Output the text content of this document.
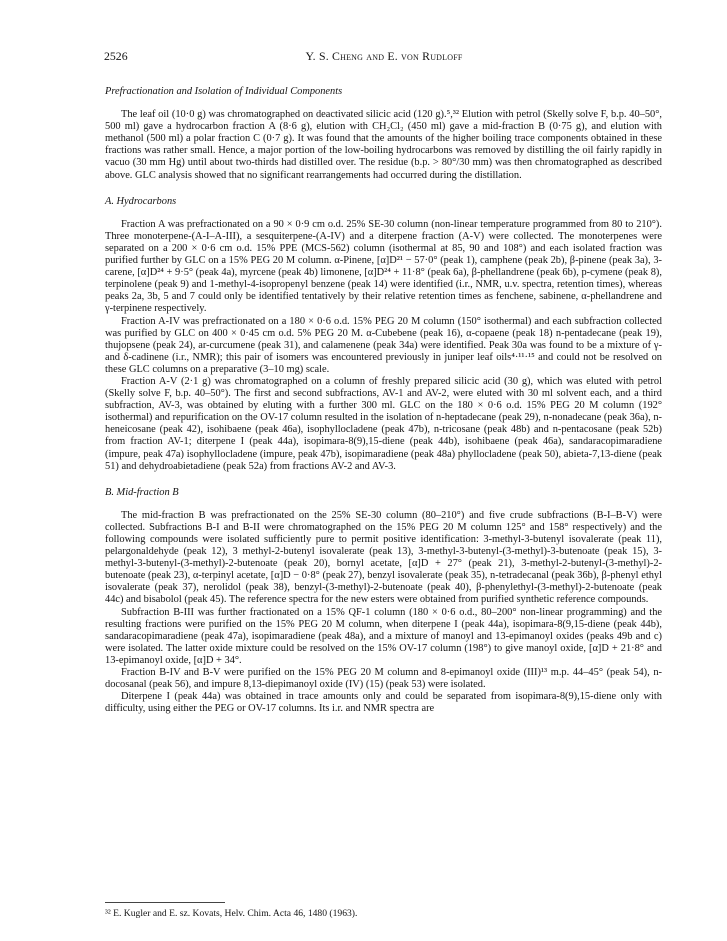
2526	Y. S. Cheng and E. von Rudloff
Prefractionation and Isolation of Individual Components

The leaf oil (10·0 g) was chromatographed on deactivated silicic acid (120 g).⁵,³² Elution with petrol (Skelly solve F, b.p. 40–50°, 500 ml) gave a hydrocarbon fraction A (8·6 g), elution with CH₂Cl₂ (450 ml) gave a mid-fraction B (0·75 g), and elution with methanol (500 ml) a polar fraction C (0·7 g). It was found that the amounts of the higher boiling trace components obtained in these fractions was rather small. Hence, a major portion of the low-boiling hydrocarbons was removed by distilling the oil fairly rapidly in vacuo (30 mm Hg) until about two-thirds had distilled over. The residue (b.p. > 80°/30 mm) was then chromatographed as described above. GLC analysis showed that no significant rearrangements had occurred during the distillation.

A. Hydrocarbons

Fraction A was prefractionated on a 90 × 0·9 cm o.d. 25% SE-30 column (non-linear temperature programmed from 80 to 210°). Three monoterpene-(A-I–A-III), a sesquiterpene-(A-IV) and a diterpene fraction (A-V) were collected. The monoterpenes were separated on a 200 × 0·6 cm o.d. 15% PPE (MCS-562) column (isothermal at 85, 90 and 108°) and each isolated fraction was purified further by GLC on a 15% PEG 20 M column. α-Pinene, [α]D²¹ − 57·0° (peak 1), camphene (peak 2b), β-pinene (peak 3a), 3-carene, [α]D²⁴ + 9·5° (peak 4a), myrcene (peak 4b) limonene, [α]D²⁴ + 11·8° (peak 6a), β-phellandrene (peak 6b), p-cymene (peak 8), terpinolene (peak 9) and 1-methyl-4-isopropenyl benzene (peak 14) were identified (i.r., NMR, u.v. spectra, retention times), whereas peaks 2a, 3b, 5 and 7 could only be identified tentatively by their relative retention times as fenchene, sabinene, α-phellandrene and γ-terpinene respectively.

Fraction A-IV was prefractionated on a 180 × 0·6 o.d. 15% PEG 20 M column (150° isothermal) and each subfraction collected was purified by GLC on 400 × 0·45 cm o.d. 5% PEG 20 M. α-Cubebene (peak 16), α-copaene (peak 18) n-pentadecane (peak 19), thujopsene (peak 24), ar-curcumene (peak 31), and calamenene (peak 34a) were identified. Peak 30a was found to be a mixture of γ- and δ-cadinene (i.r., NMR); this pair of isomers was encountered previously in juniper leaf oils⁴·¹¹·¹⁵ and could not be resolved on these GLC columns on a preparative (3–10 mg) scale.

Fraction A-V (2·1 g) was chromatographed on a column of freshly prepared silicic acid (30 g), which was eluted with petrol (Skelly solve F, b.p. 40–50°). The first and second subfractions, AV-1 and AV-2, were eluted with 30 ml solvent each, and a third subfraction, AV-3, was obtained by eluting with a further 300 ml. GLC on the 180 × 0·6 o.d. 15% PEG 20 M column (192° isothermal) and repurification on the OV-17 column resulted in the isolation of n-heptadecane (peak 29), n-nonadecane (peak 36a), n-heneicosane (peak 42), isohibaene (peak 46a), isophyllocladene (peak 47b), n-tricosane (peak 48b) and n-pentacosane (peak 52b) from fraction AV-1; diterpene I (peak 44a), isopimara-8(9),15-diene (peak 44b), isohibaene (peak 46a), sandaracopimaradiene (impure, peak 47a) isophyllocladene (impure, peak 47b), isopimaradiene (peak 48a) phyllocladene (peak 50), abieta-7,13-diene (peak 51) and dehydroabietadiene (peak 52a) from fractions AV-2 and AV-3.

B. Mid-fraction B

The mid-fraction B was prefractionated on the 25% SE-30 column (80–210°) and five crude subfractions (B-I–B-V) were collected. Subfractions B-I and B-II were chromatographed on the 15% PEG 20 M column 125° and 158° respectively) and the following compounds were isolated sufficiently pure to permit positive identification: 3-methyl-3-butenyl isovalerate (peak 11), pelargonaldehyde (peak 12), 3 methyl-2-butenyl isovalerate (peak 13), 3-methyl-3-butenyl-(3-methyl)-3-butenoate (peak 15), 3-methyl-3-butenyl-(3-methyl)-2-butenoate (peak 20), bornyl acetate, [α]D + 27° (peak 21), 3-methyl-2-butenyl-(3-methyl)-2-butenoate (peak 23), α-terpinyl acetate, [α]D − 0·8° (peak 27), benzyl isovalerate (peak 35), n-tetradecanal (peak 36b), β-phenyl ethyl isovalerate (peak 37), nerolidol (peak 38), benzyl-(3-methyl)-2-butenoate (peak 40), β-phenylethyl-(3-methyl)-2-butenoate (peak 44c) and bisabolol (peak 45). The reference spectra for the new esters were obtained from purified synthetic reference compounds.

Subfraction B-III was further fractionated on a 15% QF-1 column (180 × 0·6 o.d., 80–200° non-linear programming) and the resulting fractions were purified on the 15% PEG 20 M column, when diterpene I (peak 44a), isopimara-8(9,15-diene (peak 44b), sandaracopimaradiene (peak 47a), isopimaradiene (peak 48a), and a mixture of manoyl and 13-epimanoyl oxides (peaks 49b and c) were isolated. The latter oxide mixture could be resolved on the 15% OV-17 column (198°) to give manoyl oxide, [α]D + 21·8° and 13-epimanoyl oxide, [α]D + 34°.

Fraction B-IV and B-V were purified on the 15% PEG 20 M column and 8-epimanoyl oxide (III)¹³ m.p. 44–45° (peak 54), n-docosanal (peak 56), and impure 8,13-diepimanoyl oxide (IV) (15) (peak 53) were isolated.

Diterpene I (peak 44a) was obtained in trace amounts only and could be separated from isopimara-8(9),15-diene only with difficulty, using either the PEG or OV-17 columns. Its i.r. and NMR spectra are

³² E. Kugler and E. sz. Kovats, Helv. Chim. Acta 46, 1480 (1963).
